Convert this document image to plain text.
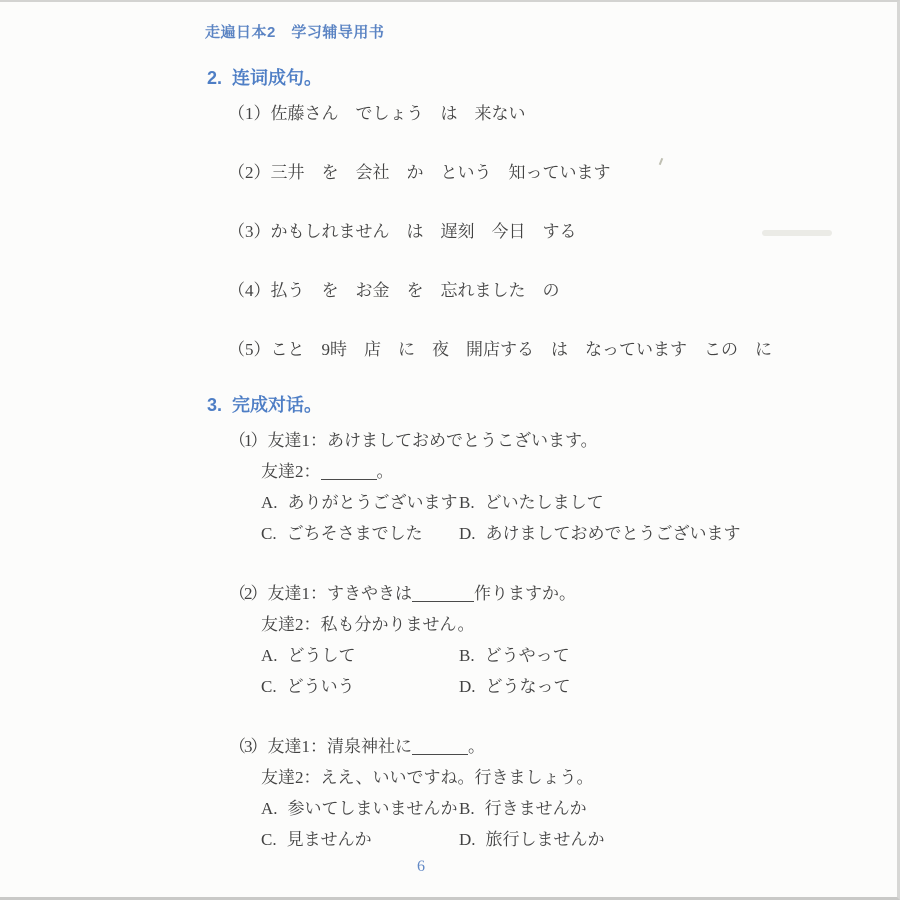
走遍日本2　学习辅导用书
2. 连词成句。

（1）佐藤さん　でしょう　は　来ない

（2）三井　を　会社　か　という　知っています

（3）かもしれません　は　遅刻　今日　する

（4）払う　を　お金　を　忘れました　の

（5）こと　9時　店　に　夜　開店する　は　なっています　この　に

3. 完成对话。

（1） 友達1：あけましておめでとうこざいます。

友達2：	。

A. ありがとうございます B. どいたしまして

C. ごちそさまでした	D. あけましておめでとうございます

（2） 友達1：すきやきは	作りますか。

友達2：私も分かりません。

A. どうして	B. どうやって

C. どういう	D. どうなって

（3） 友達1：清泉神社に	。

友達2：ええ、いいですね。行きましょう。

A. 参いてしまいませんか B. 行きませんか

C. 見ませんか	D. 旅行しませんか

6
